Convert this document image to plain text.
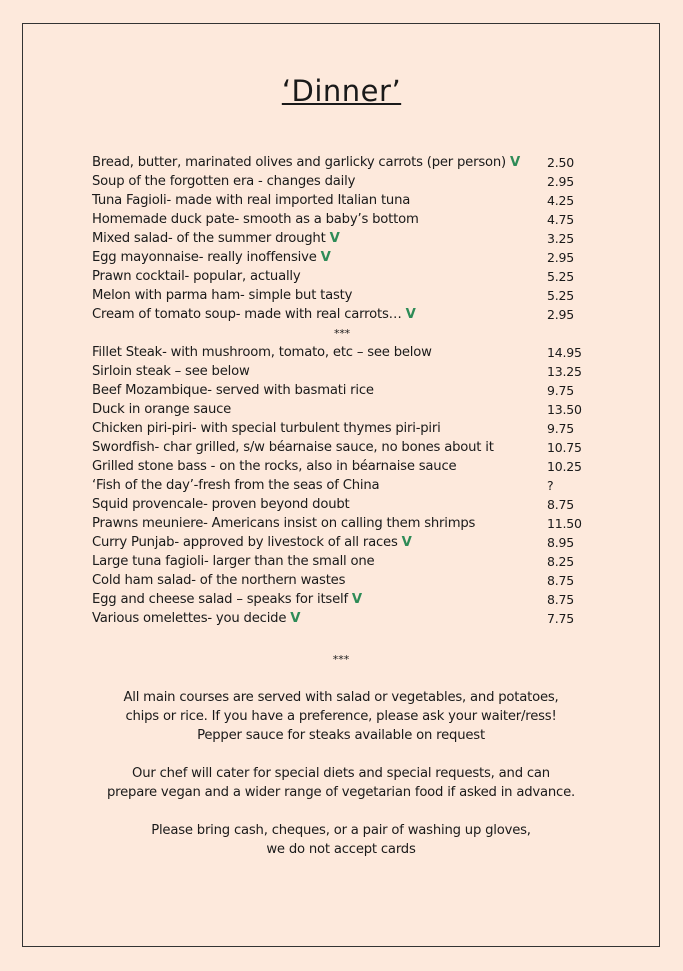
‘Dinner’
Bread, butter, marinated olives and garlicky carrots (per person) V	2.50
Soup of the forgotten era - changes daily	2.95
Tuna Fagioli- made with real imported Italian tuna	4.25
Homemade duck pate- smooth as a baby’s bottom	4.75
Mixed salad- of the summer drought V	3.25
Egg mayonnaise- really inoffensive V	2.95
Prawn cocktail- popular, actually	5.25
Melon with parma ham- simple but tasty	5.25
Cream of tomato soup- made with real carrots… V	2.95
***
Fillet Steak- with mushroom, tomato, etc – see below	14.95
Sirloin steak – see below	13.25
Beef Mozambique- served with basmati rice	9.75
Duck in orange sauce	13.50
Chicken piri-piri- with special turbulent thymes piri-piri	9.75
Swordfish- char grilled, s/w béarnaise sauce, no bones about it	10.75
Grilled stone bass - on the rocks, also in béarnaise sauce	10.25
‘Fish of the day’-fresh from the seas of China	?
Squid provencale- proven beyond doubt	8.75
Prawns meuniere- Americans insist on calling them shrimps	11.50
Curry Punjab- approved by livestock of all races V	8.95
Large tuna fagioli- larger than the small one	8.25
Cold ham salad- of the northern wastes	8.75
Egg and cheese salad – speaks for itself V	8.75
Various omelettes- you decide V	7.75
***

All main courses are served with salad or vegetables, and potatoes,
chips or rice. If you have a preference, please ask your waiter/ress!
Pepper sauce for steaks available on request

Our chef will cater for special diets and special requests, and can
prepare vegan and a wider range of vegetarian food if asked in advance.

Please bring cash, cheques, or a pair of washing up gloves,
we do not accept cards
